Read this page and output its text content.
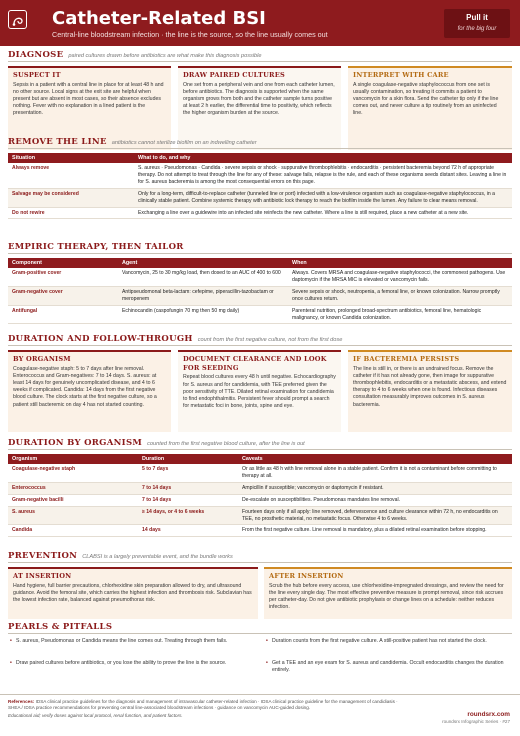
Catheter-Related BSI
Central-line bloodstream infection · the line is the source, so the line usually comes out
Pull it
for the big four
DIAGNOSE paired cultures drawn before antibiotics are what make this diagnosis possible
SUSPECT IT
Sepsis in a patient with a central line in place for at least 48 h and no other source. Local signs at the exit site are helpful when present but are absent in most cases, so their absence excludes nothing. Fever with no explanation in a lined patient is the presentation.
DRAW PAIRED CULTURES
One set from a peripheral vein and one from each catheter lumen, before antibiotics. The diagnosis is supported when the same organism grows from both and the catheter sample turns positive at least 2 h earlier, the differential time to positivity, which reflects the higher organism burden at the source.
INTERPRET WITH CARE
A single coagulase-negative staphylococcus from one set is usually contamination, so treating it commits a patient to vancomycin for a skin flora. Send the catheter tip only if the line comes out, and never culture a tip routinely from an uninfected line.
REMOVE THE LINE antibiotics cannot sterilize biofilm on an indwelling catheter
Situation	What to do, and why
Always remove	S. aureus · Pseudomonas · Candida · severe sepsis or shock · suppurative thrombophlebitis · endocarditis · persistent bacteremia beyond 72 h of appropriate therapy. Do not attempt to treat through the line for any of these: salvage fails, relapse is the rule, and each of these organisms seeds distant sites. Leaving a line in for S. aureus bacteremia is among the most consequential errors on this page.
Salvage may be considered	Only for a long-term, difficult-to-replace catheter (tunneled line or port) infected with a low-virulence organism such as coagulase-negative staphylococcus, in a clinically stable patient. Combine systemic therapy with antibiotic lock therapy to reach the biofilm inside the lumen. Any failure to clear means removal.
Do not rewire	Exchanging a line over a guidewire into an infected site reinfects the new catheter. Where a line is still required, place a new catheter at a new site.
EMPIRIC THERAPY, THEN TAILOR
Component	Agent	When
Gram-positive cover	Vancomycin, 25 to 30 mg/kg load, then dosed to an AUC of 400 to 600	Always. Covers MRSA and coagulase-negative staphylococci, the commonest pathogens. Use daptomycin if the MRSA MIC is elevated or vancomycin fails.
Gram-negative cover	Antipseudomonal beta-lactam: cefepime, piperacillin-tazobactam or meropenem	Severe sepsis or shock, neutropenia, a femoral line, or known colonization. Narrow promptly once cultures return.
Antifungal	Echinocandin (caspofungin 70 mg then 50 mg daily)	Parenteral nutrition, prolonged broad-spectrum antibiotics, femoral line, hematologic malignancy, or known Candida colonization.
DURATION AND FOLLOW-THROUGH count from the first negative culture, not from the first dose
BY ORGANISM
Coagulase-negative staph: 5 to 7 days after line removal. Enterococcus and Gram-negatives: 7 to 14 days. S. aureus: at least 14 days for genuinely uncomplicated disease, and 4 to 6 weeks if complicated. Candida: 14 days from the first negative blood culture. The clock starts at the first negative culture, so a patient still bacteremic on day 4 has not started counting.
DOCUMENT CLEARANCE AND LOOK FOR SEEDING
Repeat blood cultures every 48 h until negative. Echocardiography for S. aureus and for candidemia, with TEE preferred given the poor sensitivity of TTE. Dilated retinal examination for candidemia to find endophthalmitis. Persistent fever should prompt a search for metastatic foci in bone, joints, spine and eye.
IF BACTEREMIA PERSISTS
The line is still in, or there is an undrained focus. Remove the catheter if it has not already gone, then image for suppurative thrombophlebitis, endocarditis or a metastatic abscess, and extend therapy to 4 to 6 weeks when one is found. Infectious diseases consultation measurably improves outcomes in S. aureus bacteremia.
DURATION BY ORGANISM counted from the first negative blood culture, after the line is out
Organism	Duration	Caveats
Coagulase-negative staph	5 to 7 days	Or as little as 48 h with line removal alone in a stable patient. Confirm it is not a contaminant before committing to therapy at all.
Enterococcus	7 to 14 days	Ampicillin if susceptible; vancomycin or daptomycin if resistant.
Gram-negative bacilli	7 to 14 days	De-escalate on susceptibilities. Pseudomonas mandates line removal.
S. aureus	≥ 14 days, or 4 to 6 weeks	Fourteen days only if all apply: line removed, defervescence and culture clearance within 72 h, no endocarditis on TEE, no prosthetic material, no metastatic focus. Otherwise 4 to 6 weeks.
Candida	14 days	From the first negative culture. Line removal is mandatory, plus a dilated retinal examination before stopping.
PREVENTION CLABSI is a largely preventable event, and the bundle works
AT INSERTION
Hand hygiene, full barrier precautions, chlorhexidine skin preparation allowed to dry, and ultrasound guidance. Avoid the femoral site, which carries the highest infection and thrombosis risk. Subclavian has the lowest infection rate, balanced against pneumothorax risk.
AFTER INSERTION
Scrub the hub before every access, use chlorhexidine-impregnated dressings, and review the need for the line every single day. The most effective preventive measure is prompt removal, since risk accrues per catheter-day. Do not give antibiotic prophylaxis or change lines on a schedule: neither reduces infection.
PEARLS & PITFALLS
• S. aureus, Pseudomonas or Candida means the line comes out. Treating through them fails.	• Duration counts from the first negative culture. A still-positive patient has not started the clock.
• Draw paired cultures before antibiotics, or you lose the ability to prove the line is the source.	• Get a TEE and an eye exam for S. aureus and candidemia. Occult endocarditis changes the duration entirely.
References: IDSA clinical practice guidelines for the diagnosis and management of intravascular catheter-related infection · IDSA clinical practice guideline for the management of candidiasis · SHEA / IDSA practice recommendations for preventing central line-associated bloodstream infections · guidance on vancomycin AUC-guided dosing.
Educational aid; verify doses against local protocol, renal function, and patient factors.	roundsrx.com
roundsrx Infographic Series · #27
